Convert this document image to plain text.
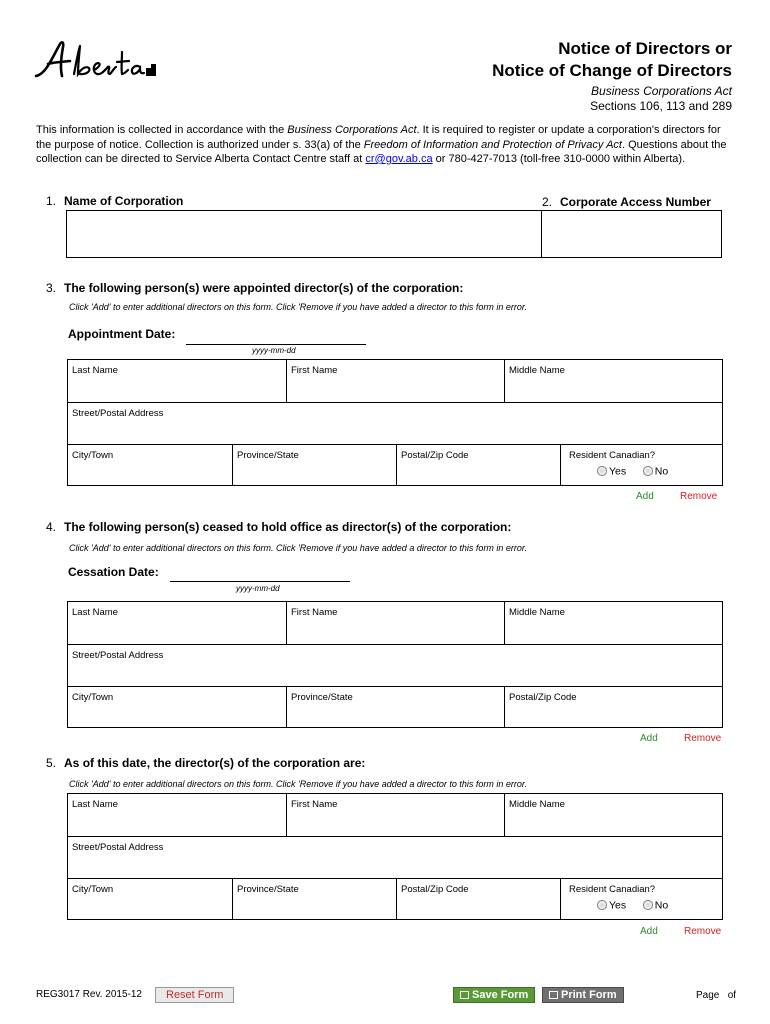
Notice of Directors or
Notice of Change of Directors
Business Corporations Act
Sections 106, 113 and 289
This information is collected in accordance with the Business Corporations Act. It is required to register or update a corporation's directors for the purpose of notice. Collection is authorized under s. 33(a) of the Freedom of Information and Protection of Privacy Act. Questions about the collection can be directed to Service Alberta Contact Centre staff at cr@gov.ab.ca or 780-427-7013 (toll-free 310-0000 within Alberta).
1. Name of Corporation	2. Corporate Access Number
3. The following person(s) were appointed director(s) of the corporation:
Click 'Add' to enter additional directors on this form. Click 'Remove if you have added a director to this form in error.
Appointment Date:
yyyy-mm-dd
Last Name	First Name	Middle Name
Street/Postal Address
City/Town	Province/State	Postal/Zip Code	Resident Canadian?
Yes	No
Add	Remove
4. The following person(s) ceased to hold office as director(s) of the corporation:
Click 'Add' to enter additional directors on this form. Click 'Remove if you have added a director to this form in error.
Cessation Date:
yyyy-mm-dd
Last Name	First Name	Middle Name
Street/Postal Address
City/Town	Province/State	Postal/Zip Code
Add	Remove
5. As of this date, the director(s) of the corporation are:
Click 'Add' to enter additional directors on this form. Click 'Remove if you have added a director to this form in error.
Last Name	First Name	Middle Name
Street/Postal Address
City/Town	Province/State	Postal/Zip Code	Resident Canadian?
Yes	No
Add	Remove
REG3017 Rev. 2015-12	Reset Form	Save Form	Print Form	Page   of
